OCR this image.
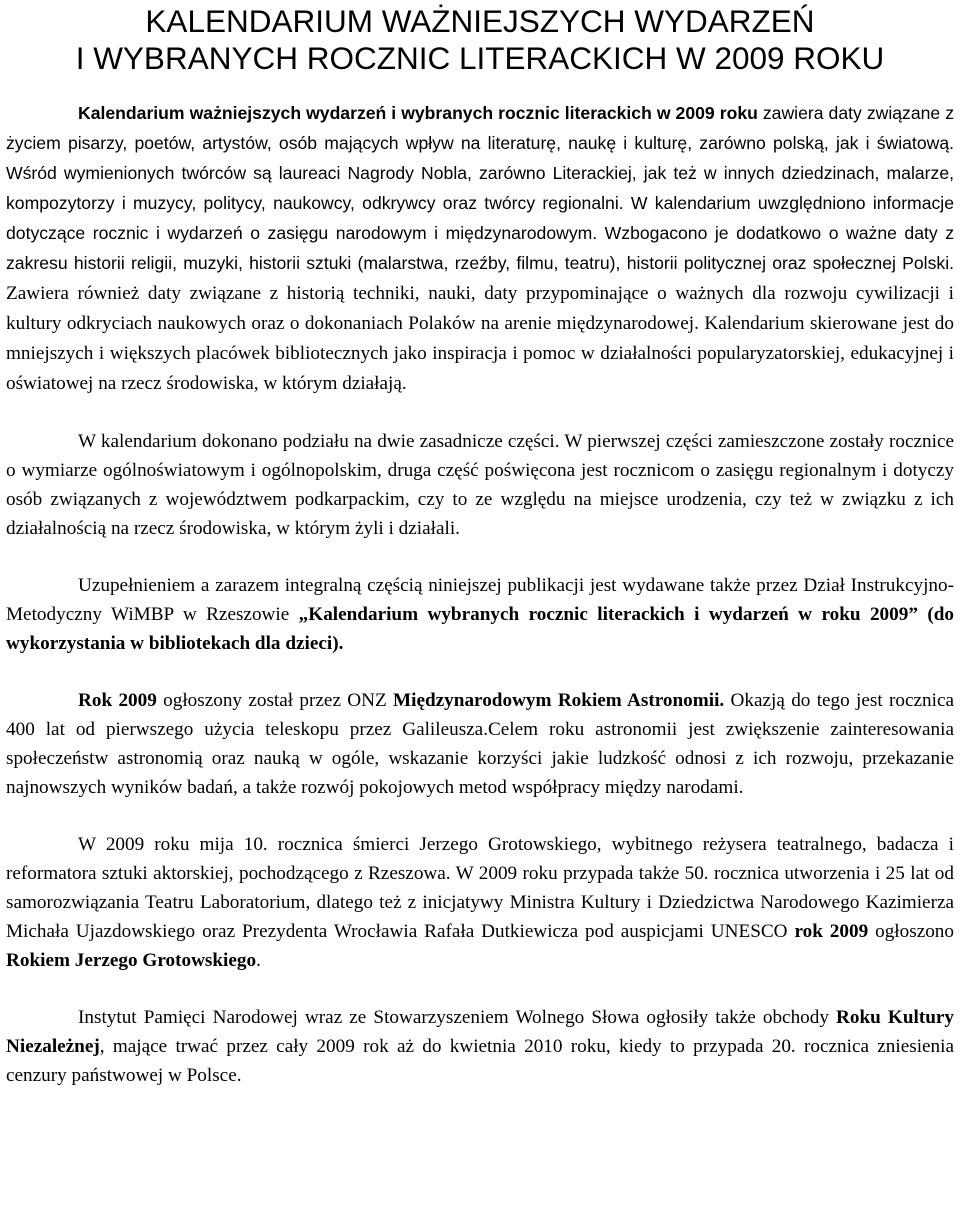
KALENDARIUM WAŻNIEJSZYCH WYDARZEŃ
I WYBRANYCH ROCZNIC LITERACKICH W 2009 ROKU

Kalendarium ważniejszych wydarzeń i wybranych rocznic literackich w 2009 roku zawiera daty związane z życiem pisarzy, poetów, artystów, osób mających wpływ na literaturę, naukę i kulturę, zarówno polską, jak i światową. Wśród wymienionych twórców są laureaci Nagrody Nobla, zarówno Literackiej, jak też w innych dziedzinach, malarze, kompozytorzy i muzycy, politycy, naukowcy, odkrywcy oraz twórcy regionalni. W kalendarium uwzględniono informacje dotyczące rocznic i wydarzeń o zasięgu narodowym i międzynarodowym. Wzbogacono je dodatkowo o ważne daty z zakresu historii religii, muzyki, historii sztuki (malarstwa, rzeźby, filmu, teatru), historii politycznej oraz społecznej Polski. Zawiera również daty związane z historią techniki, nauki, daty przypominające o ważnych dla rozwoju cywilizacji i kultury odkryciach naukowych oraz o dokonaniach Polaków na arenie międzynarodowej. Kalendarium skierowane jest do mniejszych i większych placówek bibliotecznych jako inspiracja i pomoc w działalności popularyzatorskiej, edukacyjnej i oświatowej na rzecz środowiska, w którym działają.

W kalendarium dokonano podziału na dwie zasadnicze części. W pierwszej części zamieszczone zostały rocznice o wymiarze ogólnoświatowym i ogólnopolskim, druga część poświęcona jest rocznicom o zasięgu regionalnym i dotyczy osób związanych z województwem podkarpackim, czy to ze względu na miejsce urodzenia, czy też w związku z ich działalnością na rzecz środowiska, w którym żyli i działali.

Uzupełnieniem a zarazem integralną częścią niniejszej publikacji jest wydawane także przez Dział Instrukcyjno-Metodyczny WiMBP w Rzeszowie „Kalendarium wybranych rocznic literackich i wydarzeń w roku 2009” (do wykorzystania w bibliotekach dla dzieci).

Rok 2009 ogłoszony został przez ONZ Międzynarodowym Rokiem Astronomii. Okazją do tego jest rocznica 400 lat od pierwszego użycia teleskopu przez Galileusza.Celem roku astronomii jest zwiększenie zainteresowania społeczeństw astronomią oraz nauką w ogóle, wskazanie korzyści jakie ludzkość odnosi z ich rozwoju, przekazanie najnowszych wyników badań, a także rozwój pokojowych metod współpracy między narodami.

W 2009 roku mija 10. rocznica śmierci Jerzego Grotowskiego, wybitnego reżysera teatralnego, badacza i reformatora sztuki aktorskiej, pochodzącego z Rzeszowa. W 2009 roku przypada także 50. rocznica utworzenia i 25 lat od samorozwiązania Teatru Laboratorium, dlatego też z inicjatywy Ministra Kultury i Dziedzictwa Narodowego Kazimierza Michała Ujazdowskiego oraz Prezydenta Wrocławia Rafała Dutkiewicza pod auspicjami UNESCO rok 2009 ogłoszono Rokiem Jerzego Grotowskiego.

Instytut Pamięci Narodowej wraz ze Stowarzyszeniem Wolnego Słowa ogłosiły także obchody Roku Kultury Niezależnej, mające trwać przez cały 2009 rok aż do kwietnia 2010 roku, kiedy to przypada 20. rocznica zniesienia cenzury państwowej w Polsce.
